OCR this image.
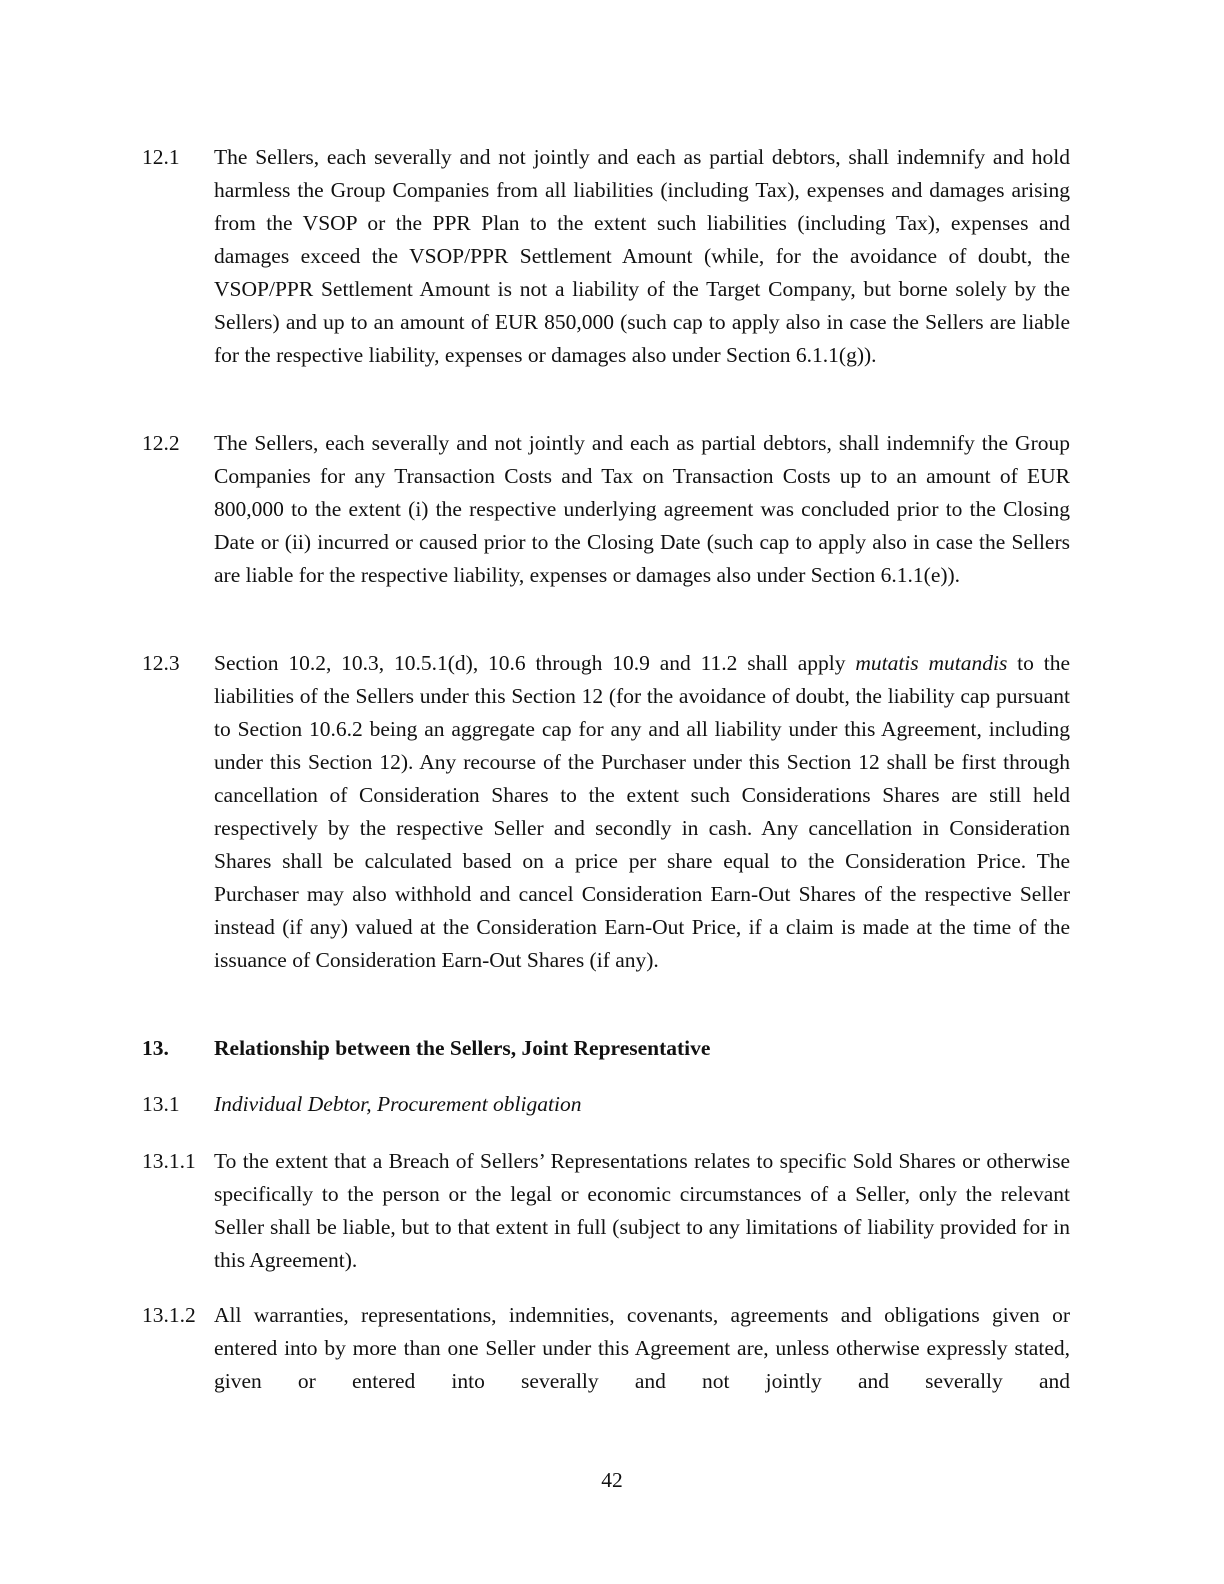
12.1	The Sellers, each severally and not jointly and each as partial debtors, shall indemnify and hold harmless the Group Companies from all liabilities (including Tax), expenses and damages arising from the VSOP or the PPR Plan to the extent such liabilities (including Tax), expenses and damages exceed the VSOP/PPR Settlement Amount (while, for the avoidance of doubt, the VSOP/PPR Settlement Amount is not a liability of the Target Company, but borne solely by the Sellers) and up to an amount of EUR 850,000 (such cap to apply also in case the Sellers are liable for the respective liability, expenses or damages also under Section 6.1.1(g)).
12.2	The Sellers, each severally and not jointly and each as partial debtors, shall indemnify the Group Companies for any Transaction Costs and Tax on Transaction Costs up to an amount of EUR 800,000 to the extent (i) the respective underlying agreement was concluded prior to the Closing Date or (ii) incurred or caused prior to the Closing Date (such cap to apply also in case the Sellers are liable for the respective liability, expenses or damages also under Section 6.1.1(e)).
12.3	Section 10.2, 10.3, 10.5.1(d), 10.6 through 10.9 and 11.2 shall apply mutatis mutandis to the liabilities of the Sellers under this Section 12 (for the avoidance of doubt, the liability cap pursuant to Section 10.6.2 being an aggregate cap for any and all liability under this Agreement, including under this Section 12). Any recourse of the Purchaser under this Section 12 shall be first through cancellation of Consideration Shares to the extent such Considerations Shares are still held respectively by the respective Seller and secondly in cash. Any cancellation in Consideration Shares shall be calculated based on a price per share equal to the Consideration Price. The Purchaser may also withhold and cancel Consideration Earn-Out Shares of the respective Seller instead (if any) valued at the Consideration Earn-Out Price, if a claim is made at the time of the issuance of Consideration Earn-Out Shares (if any).
13.	Relationship between the Sellers, Joint Representative
13.1	Individual Debtor, Procurement obligation
13.1.1 To the extent that a Breach of Sellers’ Representations relates to specific Sold Shares or otherwise specifically to the person or the legal or economic circumstances of a Seller, only the relevant Seller shall be liable, but to that extent in full (subject to any limitations of liability provided for in this Agreement).
13.1.2 All warranties, representations, indemnities, covenants, agreements and obligations given or entered into by more than one Seller under this Agreement are, unless otherwise expressly stated, given or entered into severally and not jointly and severally and
42
